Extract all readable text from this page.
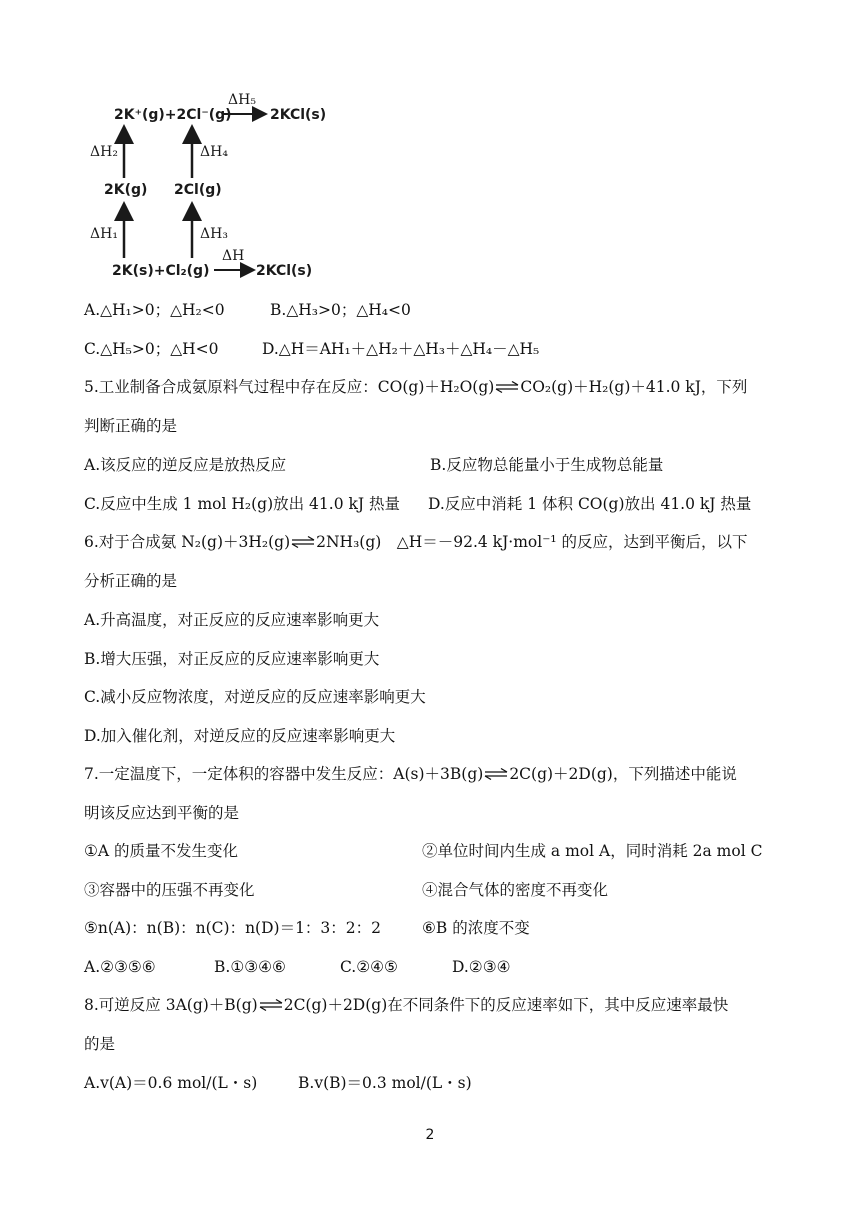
2K⁺(g)+2Cl⁻(g)
ΔH₅
2KCl(s)
ΔH₂	ΔH₄
2K(g) 2Cl(g)
ΔH₁	ΔH₃
2K(s)+Cl₂(g)
ΔH
2KCl(s)
A.△H₁>0；△H₂<0	B.△H₃>0；△H₄<0
C.△H₅>0；△H<0	D.△H＝AH₁＋△H₂＋△H₃＋△H₄－△H₅
5.工业制备合成氨原料气过程中存在反应：CO(g)＋H₂O(g)⇌CO₂(g)＋H₂(g)＋41.0 kJ，下列
判断正确的是
A.该反应的逆反应是放热反应	B.反应物总能量小于生成物总能量
C.反应中生成 1 mol H₂(g)放出 41.0 kJ 热量 D.反应中消耗 1 体积 CO(g)放出 41.0 kJ 热量
6.对于合成氨 N₂(g)＋3H₂(g)⇌2NH₃(g)　△H＝－92.4 kJ·mol⁻¹ 的反应，达到平衡后，以下
分析正确的是
A.升高温度，对正反应的反应速率影响更大
B.增大压强，对正反应的反应速率影响更大
C.减小反应物浓度，对逆反应的反应速率影响更大
D.加入催化剂，对逆反应的反应速率影响更大
7.一定温度下，一定体积的容器中发生反应：A(s)＋3B(g)⇌2C(g)＋2D(g)，下列描述中能说
明该反应达到平衡的是
①A 的质量不发生变化	②单位时间内生成 a mol A，同时消耗 2a mol C
③容器中的压强不再变化	④混合气体的密度不再变化
⑤n(A)：n(B)：n(C)：n(D)＝1：3：2：2	⑥B 的浓度不变
A.②③⑤⑥	B.①③④⑥	C.②④⑤	D.②③④
8.可逆反应 3A(g)＋B(g)⇌2C(g)＋2D(g)在不同条件下的反应速率如下，其中反应速率最快
的是
A.v(A)＝0.6 mol/(L・s)	B.v(B)＝0.3 mol/(L・s)
2
